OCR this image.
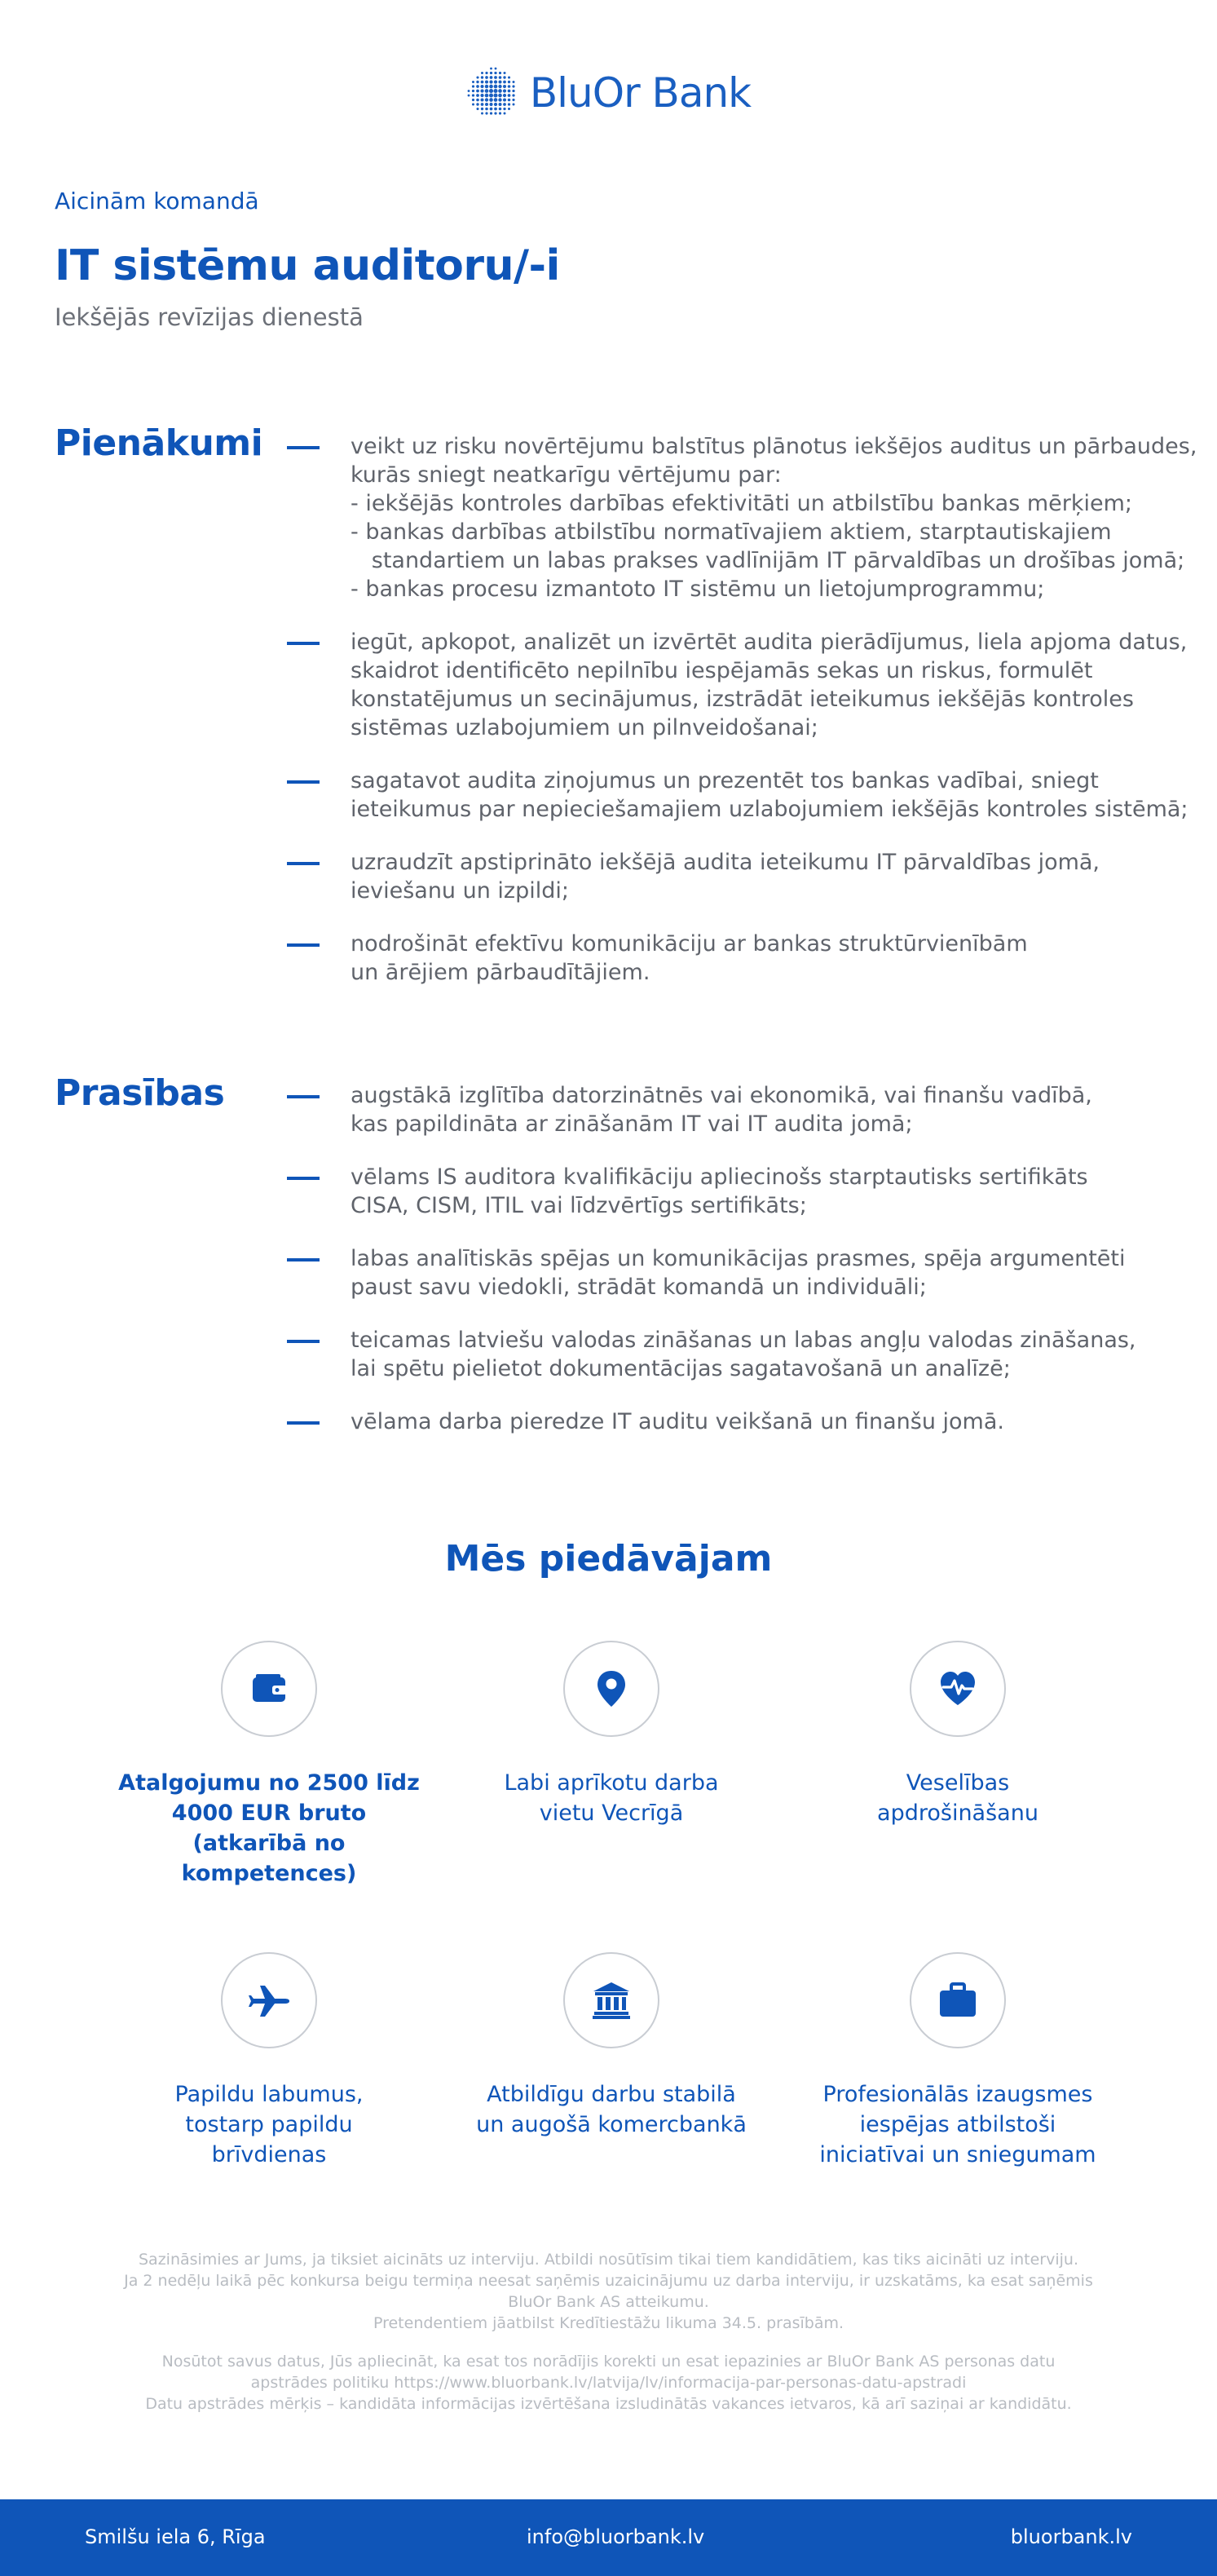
BluOr Bank
Aicinām komandā
IT sistēmu auditoru/-i
Iekšējās revīzijas dienestā
Pienākumi	veikt uz risku novērtējumu balstītus plānotus iekšējos auditus un pārbaudes,
kurās sniegt neatkarīgu vērtējumu par:
- iekšējās kontroles darbības efektivitāti un atbilstību bankas mērķiem;
- bankas darbības atbilstību normatīvajiem aktiem, starptautiskajiem
standartiem un labas prakses vadlīnijām IT pārvaldības un drošības jomā;
- bankas procesu izmantoto IT sistēmu un lietojumprogrammu;
iegūt, apkopot, analizēt un izvērtēt audita pierādījumus, liela apjoma datus,
skaidrot identificēto nepilnību iespējamās sekas un riskus, formulēt
konstatējumus un secinājumus, izstrādāt ieteikumus iekšējās kontroles
sistēmas uzlabojumiem un pilnveidošanai;
sagatavot audita ziņojumus un prezentēt tos bankas vadībai, sniegt
ieteikumus par nepieciešamajiem uzlabojumiem iekšējās kontroles sistēmā;
uzraudzīt apstiprināto iekšējā audita ieteikumu IT pārvaldības jomā,
ieviešanu un izpildi;
nodrošināt efektīvu komunikāciju ar bankas struktūrvienībām
un ārējiem pārbaudītājiem.
Prasības	augstākā izglītība datorzinātnēs vai ekonomikā, vai finanšu vadībā,
kas papildināta ar zināšanām IT vai IT audita jomā;
vēlams IS auditora kvalifikāciju apliecinošs starptautisks sertifikāts
CISA, CISM, ITIL vai līdzvērtīgs sertifikāts;
labas analītiskās spējas un komunikācijas prasmes, spēja argumentēti
paust savu viedokli, strādāt komandā un individuāli;
teicamas latviešu valodas zināšanas un labas angļu valodas zināšanas,
lai spētu pielietot dokumentācijas sagatavošanā un analīzē;
vēlama darba pieredze IT auditu veikšanā un finanšu jomā.
Mēs piedāvājam
Atalgojumu no 2500 līdz
4000 EUR bruto
(atkarībā no
kompetences)
Labi aprīkotu darba
vietu Vecrīgā
Veselības
apdrošināšanu
Papildu labumus,
tostarp papildu
brīvdienas
Atbildīgu darbu stabilā
un augošā komercbankā
Profesionālās izaugsmes
iespējas atbilstoši
iniciatīvai un sniegumam
Sazināsimies ar Jums, ja tiksiet aicināts uz interviju. Atbildi nosūtīsim tikai tiem kandidātiem, kas tiks aicināti uz interviju.
Ja 2 nedēļu laikā pēc konkursa beigu termiņa neesat saņēmis uzaicinājumu uz darba interviju, ir uzskatāms, ka esat saņēmis
BluOr Bank AS atteikumu.
Pretendentiem jāatbilst Kredītiestāžu likuma 34.5. prasībām.
Nosūtot savus datus, Jūs apliecināt, ka esat tos norādījis korekti un esat iepazinies ar BluOr Bank AS personas datu
apstrādes politiku https://www.bluorbank.lv/latvija/lv/informacija-par-personas-datu-apstradi
Datu apstrādes mērķis – kandidāta informācijas izvērtēšana izsludinātās vakances ietvaros, kā arī saziņai ar kandidātu.
Smilšu iela 6, Rīga	info@bluorbank.lv	bluorbank.lv
